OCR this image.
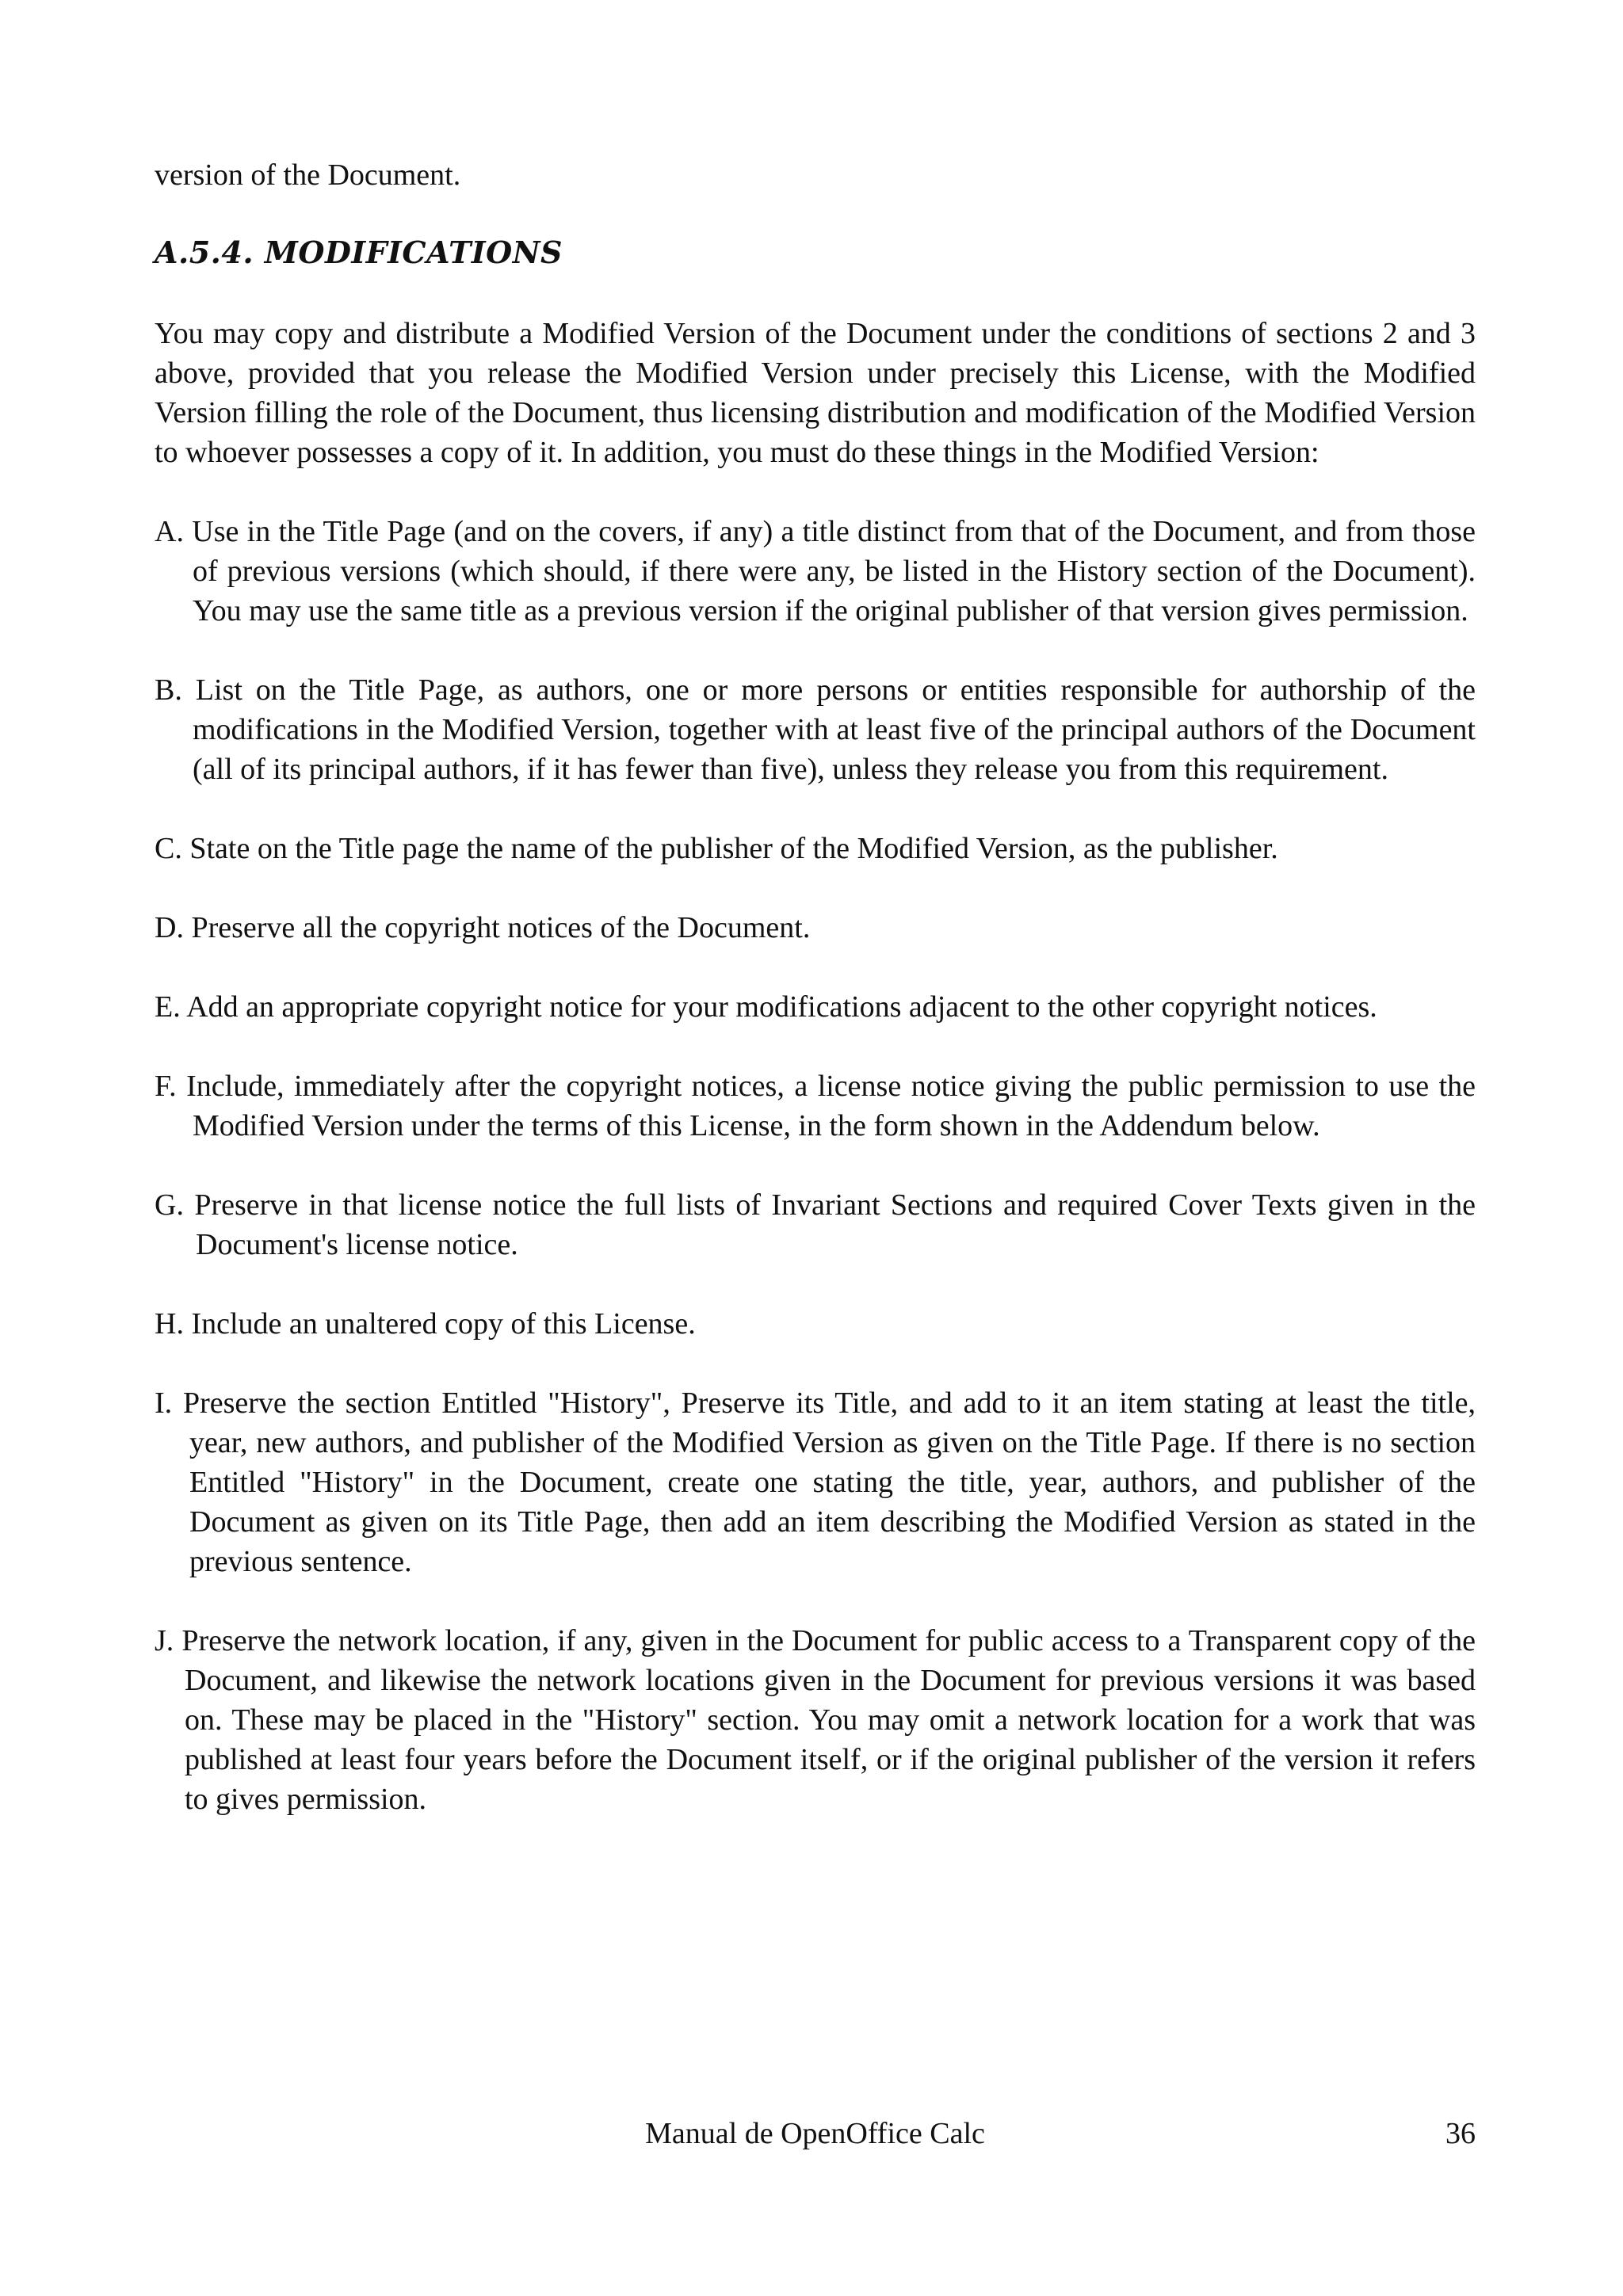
version of the Document.

A.5.4. MODIFICATIONS

You may copy and distribute a Modified Version of the Document under the conditions of sections 2 and 3 above, provided that you release the Modified Version under precisely this License, with the Modified Version filling the role of the Document, thus licensing distribution and modification of the Modified Version to whoever possesses a copy of it. In addition, you must do these things in the Modified Version:

A. Use in the Title Page (and on the covers, if any) a title distinct from that of the Document, and from those of previous versions (which should, if there were any, be listed in the History section of the Document). You may use the same title as a previous version if the original publisher of that version gives permission.

B. List on the Title Page, as authors, one or more persons or entities responsible for authorship of the modifications in the Modified Version, together with at least five of the principal authors of the Document (all of its principal authors, if it has fewer than five), unless they release you from this requirement.

C. State on the Title page the name of the publisher of the Modified Version, as the publisher.

D. Preserve all the copyright notices of the Document.

E. Add an appropriate copyright notice for your modifications adjacent to the other copyright notices.

F. Include, immediately after the copyright notices, a license notice giving the public permission to use the Modified Version under the terms of this License, in the form shown in the Addendum below.

G. Preserve in that license notice the full lists of Invariant Sections and required Cover Texts given in the Document's license notice.

H. Include an unaltered copy of this License.

I. Preserve the section Entitled "History", Preserve its Title, and add to it an item stating at least the title, year, new authors, and publisher of the Modified Version as given on the Title Page. If there is no section Entitled "History" in the Document, create one stating the title, year, authors, and publisher of the Document as given on its Title Page, then add an item describing the Modified Version as stated in the previous sentence.

J. Preserve the network location, if any, given in the Document for public access to a Transparent copy of the Document, and likewise the network locations given in the Document for previous versions it was based on. These may be placed in the "History" section. You may omit a network location for a work that was published at least four years before the Document itself, or if the original publisher of the version it refers to gives permission.

Manual de OpenOffice Calc	36
